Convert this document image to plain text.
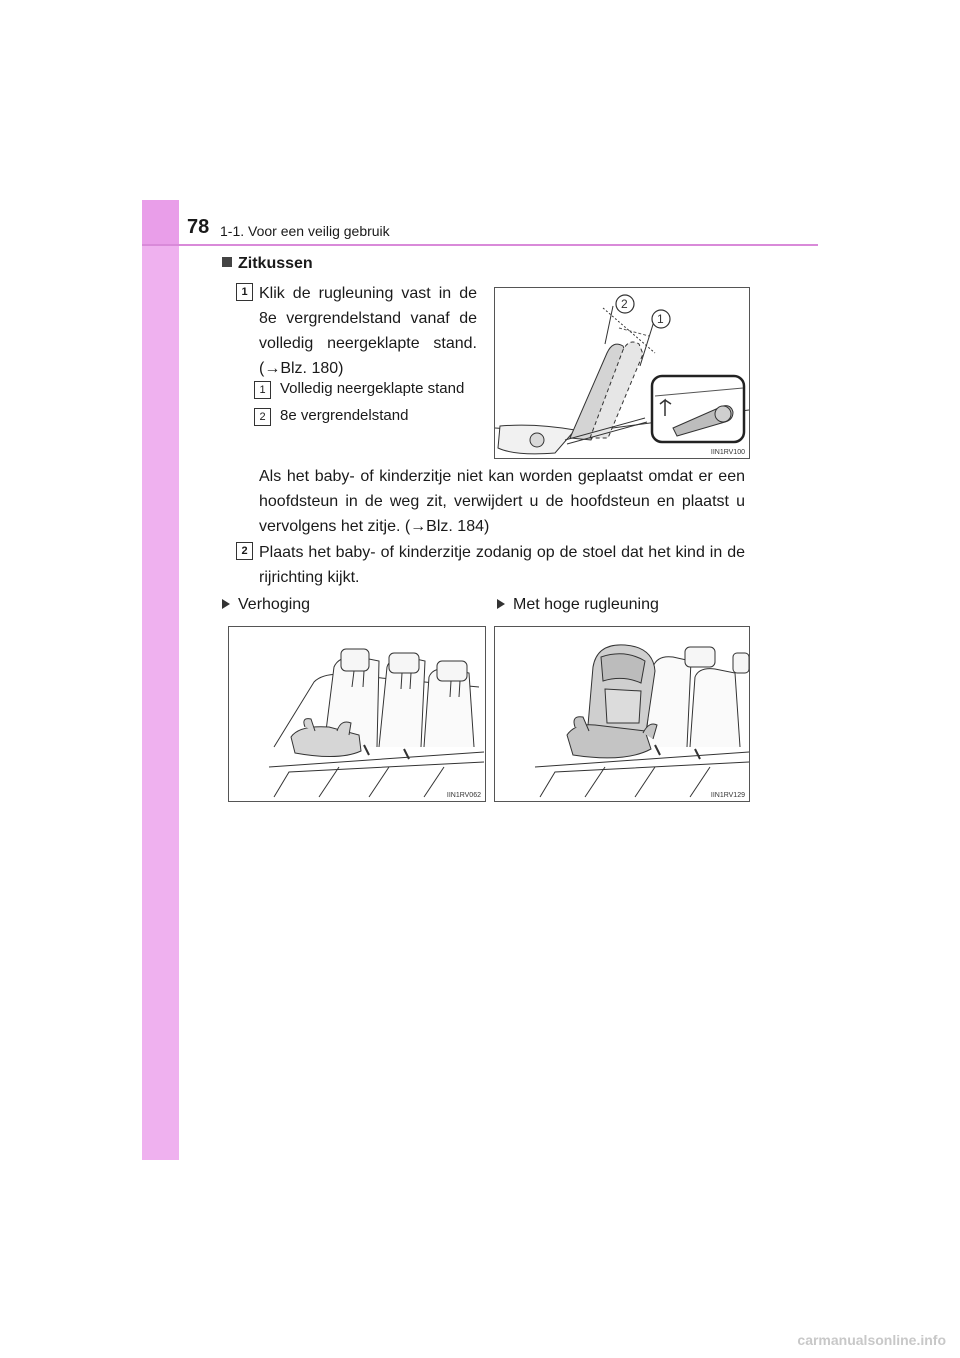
78 1-1. Voor een veilig gebruik
Zitkussen
1 Klik de rugleuning vast in de 8e vergrendelstand vanaf de volledig neergeklapte stand. (→Blz. 180)
1 Volledig neergeklapte stand
2 8e vergrendelstand
2
1
IIN1RV100
Als het baby- of kinderzitje niet kan worden geplaatst omdat er een hoofdsteun in de weg zit, verwijdert u de hoofdsteun en plaatst u vervolgens het zitje. (→Blz. 184)
2 Plaats het baby- of kinderzitje zodanig op de stoel dat het kind in de rijrichting kijkt.
Verhoging	Met hoge rugleuning
IIN1RV062	IIN1RV129
carmanualsonline.info
